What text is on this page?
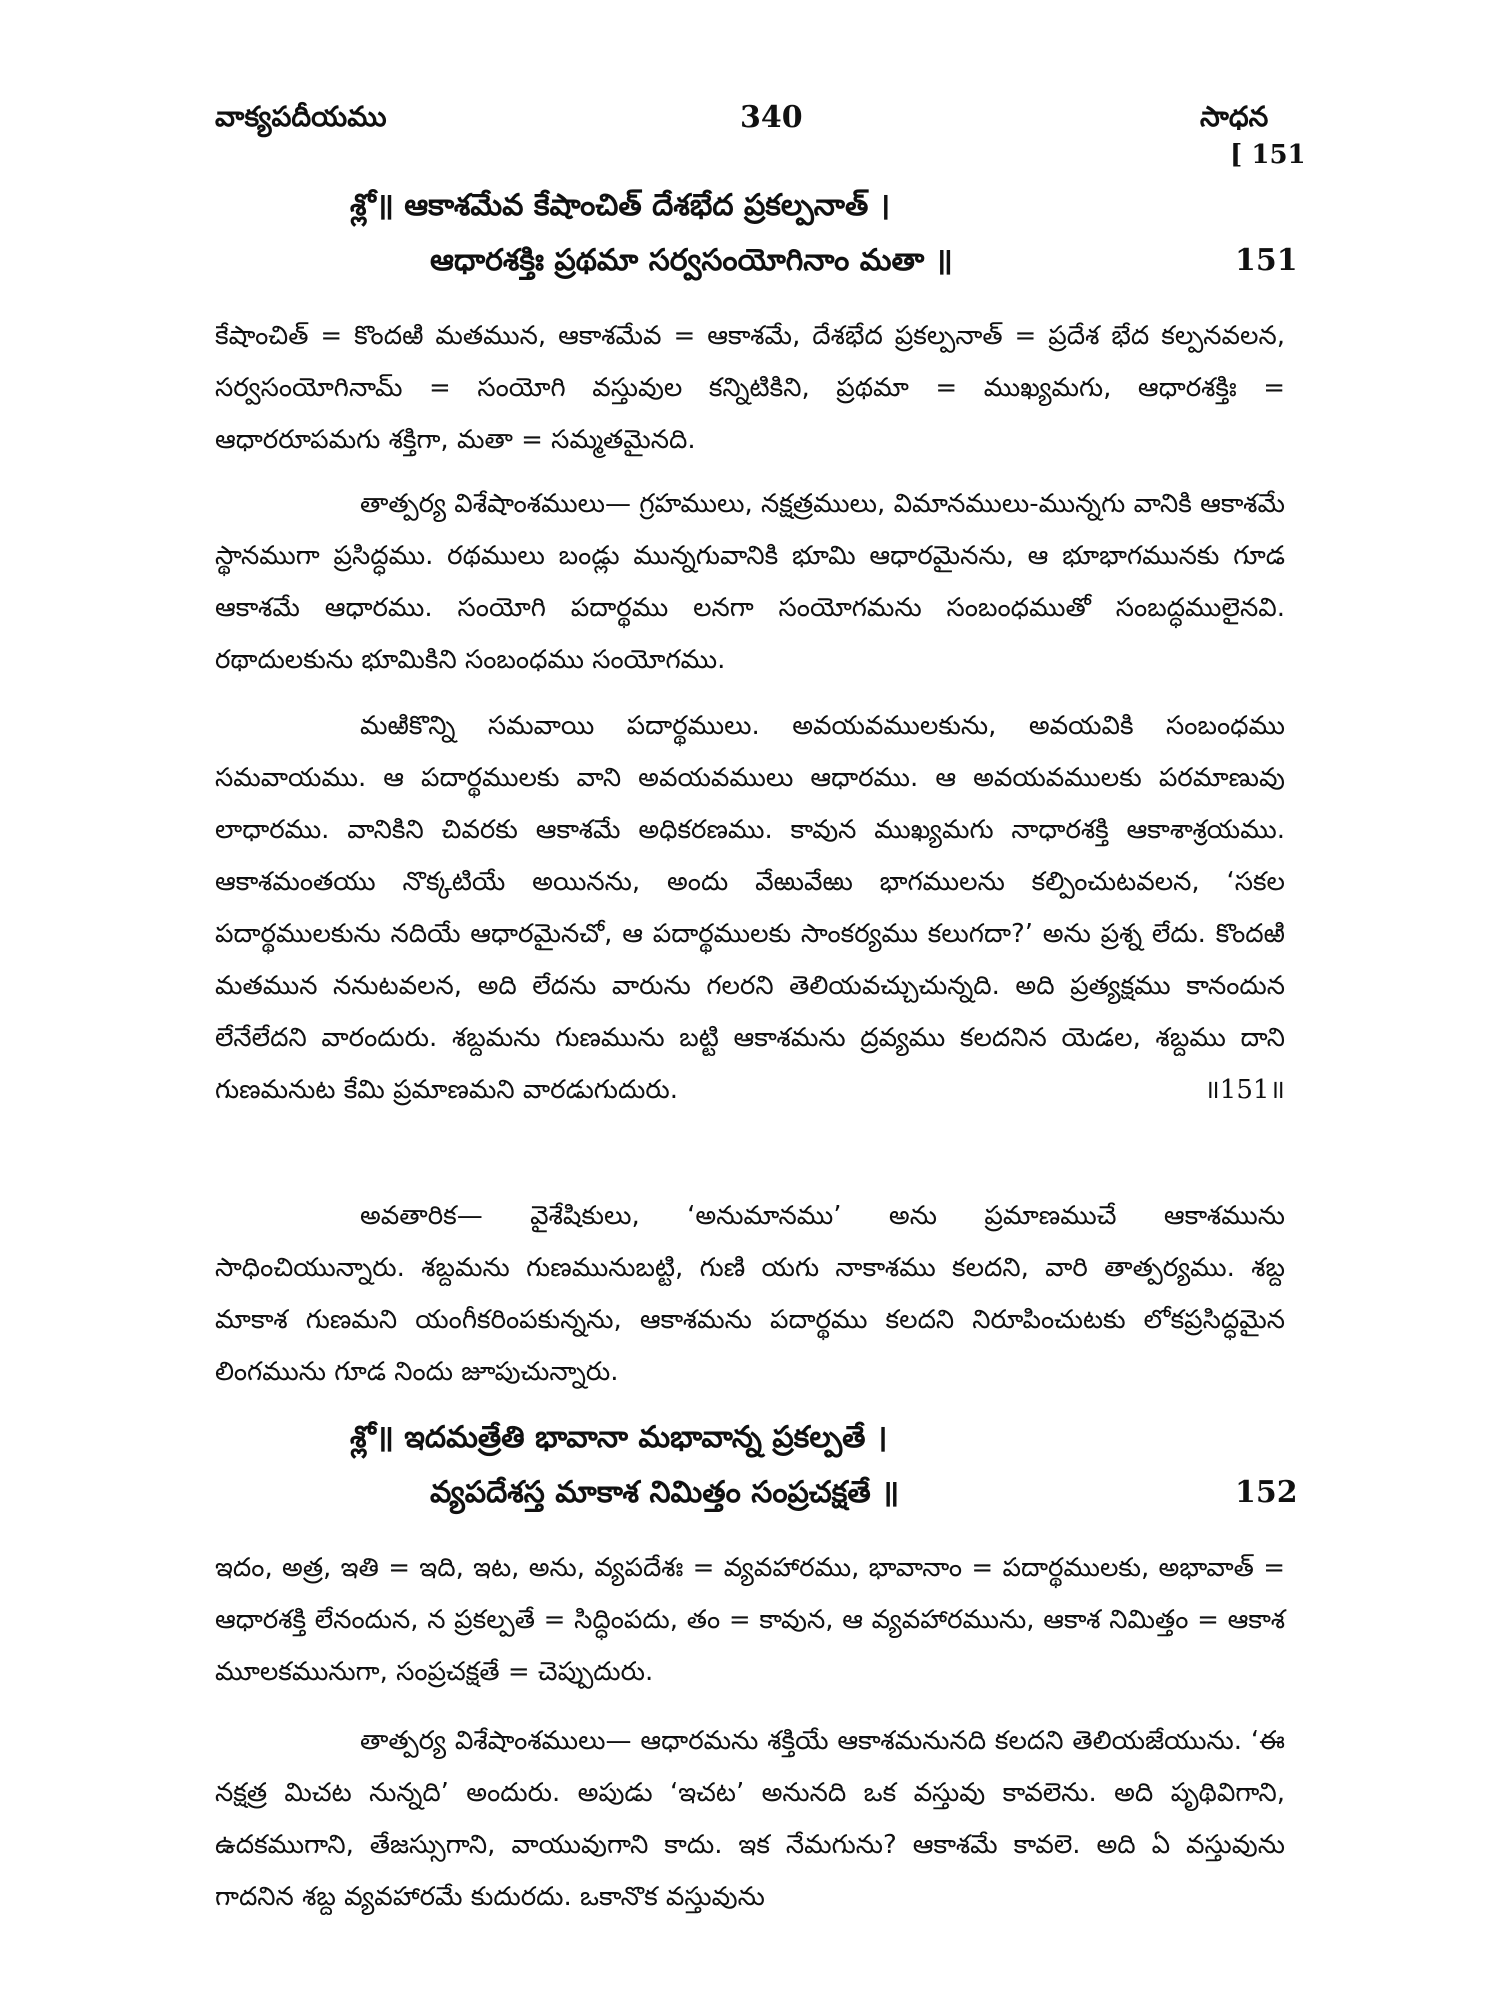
వాక్యపదీయము	340	సాధన
[ 151
శ్లో॥ ఆకాశమేవ కేషాంచిత్ దేశభేద ప్రకల్పనాత్ ।
ఆధారశక్తిః ప్రథమా సర్వసంయోగినాం మతా ॥	151
కేషాంచిత్ = కొందఱి మతమున, ఆకాశమేవ = ఆకాశమే, దేశభేద ప్రకల్పనాత్ = ప్రదేశ భేద కల్పనవలన, సర్వసంయోగినామ్ = సంయోగి వస్తువుల కన్నిటికిని, ప్రథమా = ముఖ్యమగు, ఆధారశక్తిః = ఆధారరూపమగు శక్తిగా, మతా = సమ్మతమైనది.
తాత్పర్య విశేషాంశములు— గ్రహములు, నక్షత్రములు, విమానములు-మున్నగు వానికి ఆకాశమే స్థానముగా ప్రసిద్ధము. రథములు బండ్లు మున్నగువానికి భూమి ఆధారమైనను, ఆ భూభాగమునకు గూడ ఆకాశమే ఆధారము. సంయోగి పదార్థము లనగా సంయోగమను సంబంధముతో సంబద్ధములైనవి. రథాదులకును భూమికిని సంబంధము సంయోగము.
మఱికొన్ని సమవాయి పదార్థములు. అవయవములకును, అవయవికి సంబంధము సమవాయము. ఆ పదార్థములకు వాని అవయవములు ఆధారము. ఆ అవయవములకు పరమాణువు లాధారము. వానికిని చివరకు ఆకాశమే అధికరణము. కావున ముఖ్యమగు నాధారశక్తి ఆకాశాశ్రయము. ఆకాశమంతయు నొక్కటియే అయినను, అందు వేఱువేఱు భాగములను కల్పించుటవలన, ‘సకల పదార్థములకును నదియే ఆధారమైనచో, ఆ పదార్థములకు సాంకర్యము కలుగదా?’ అను ప్రశ్న లేదు. కొందఱి మతమున ననుటవలన, అది లేదను వారును గలరని తెలియవచ్చుచున్నది. అది ప్రత్యక్షము కానందున లేనేలేదని వారందురు. శబ్దమను గుణమును బట్టి ఆకాశమను ద్రవ్యము కలదనిన యెడల, శబ్దము దాని గుణమనుట కేమి ప్రమాణమని వారడుగుదురు.	॥151॥
అవతారిక— వైశేషికులు, ‘అనుమానము’ అను ప్రమాణముచే ఆకాశమును సాధించియున్నారు. శబ్దమను గుణమునుబట్టి, గుణి యగు నాకాశము కలదని, వారి తాత్పర్యము. శబ్ద మాకాశ గుణమని యంగీకరింపకున్నను, ఆకాశమను పదార్థము కలదని నిరూపించుటకు లోకప్రసిద్ధమైన లింగమును గూడ నిందు జూపుచున్నారు.
శ్లో॥ ఇదమత్రేతి భావానా మభావాన్న ప్రకల్పతే ।
వ్యపదేశస్త మాకాశ నిమిత్తం సంప్రచక్షతే ॥	152
ఇదం, అత్ర, ఇతి = ఇది, ఇట, అను, వ్యపదేశః = వ్యవహారము, భావానాం = పదార్థములకు, అభావాత్ = ఆధారశక్తి లేనందున, న ప్రకల్పతే = సిద్ధింపదు, తం = కావున, ఆ వ్యవహారమును, ఆకాశ నిమిత్తం = ఆకాశ మూలకమునుగా, సంప్రచక్షతే = చెప్పుదురు.
తాత్పర్య విశేషాంశములు— ఆధారమను శక్తియే ఆకాశమనునది కలదని తెలియజేయును. ‘ఈ నక్షత్ర మిచట నున్నది’ అందురు. అపుడు ‘ఇచట’ అనునది ఒక వస్తువు కావలెను. అది పృథివిగాని, ఉదకముగాని, తేజస్సుగాని, వాయువుగాని కాదు. ఇక నేమగును? ఆకాశమే కావలె. అది ఏ వస్తువును గాదనిన శబ్ద వ్యవహారమే కుదురదు. ఒకానొక వస్తువును
